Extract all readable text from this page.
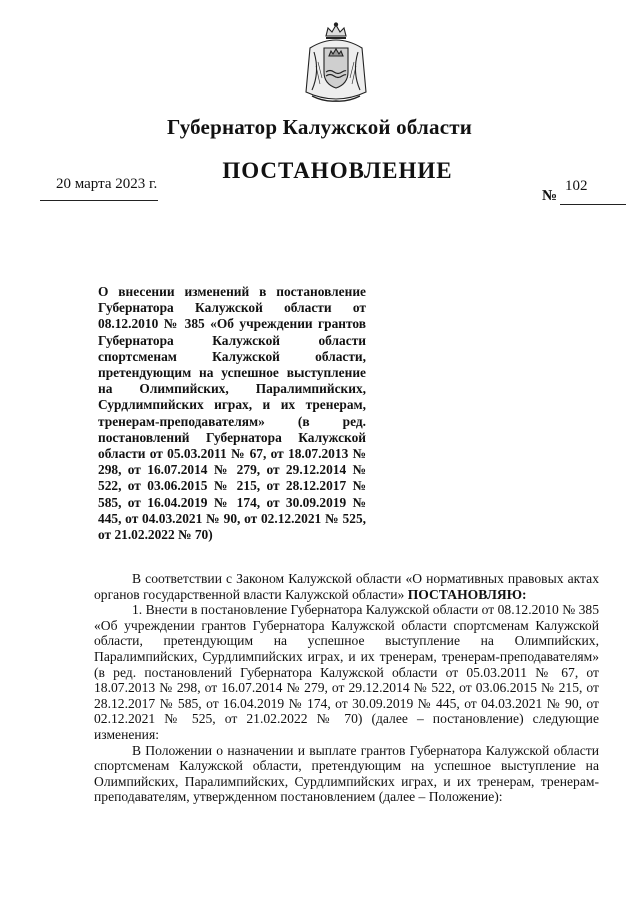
Губернатор Калужской области
ПОСТАНОВЛЕНИЕ
20 марта 2023 г.
№
102
О внесении изменений в постановление Губернатора Калужской области от 08.12.2010 № 385 «Об учреждении грантов Губернатора Калужской области спортсменам Калужской области, претендующим на успешное выступление на Олимпийских, Паралимпийских, Сурдлимпийских играх, и их тренерам, тренерам-преподавателям» (в ред. постановлений Губернатора Калужской области от 05.03.2011 № 67, от 18.07.2013 № 298, от 16.07.2014 № 279, от 29.12.2014 № 522, от 03.06.2015 № 215, от 28.12.2017 № 585, от 16.04.2019 № 174, от 30.09.2019 № 445, от 04.03.2021 № 90, от 02.12.2021 № 525, от 21.02.2022 № 70)

В соответствии с Законом Калужской области «О нормативных правовых актах органов государственной власти Калужской области» ПОСТАНОВЛЯЮ:

1. Внести в постановление Губернатора Калужской области от 08.12.2010 № 385 «Об учреждении грантов Губернатора Калужской области спортсменам Калужской области, претендующим на успешное выступление на Олимпийских, Паралимпийских, Сурдлимпийских играх, и их тренерам, тренерам-преподавателям» (в ред. постановлений Губернатора Калужской области от 05.03.2011 № 67, от 18.07.2013 № 298, от 16.07.2014 № 279, от 29.12.2014 № 522, от 03.06.2015 № 215, от 28.12.2017 № 585, от 16.04.2019 № 174, от 30.09.2019 № 445, от 04.03.2021 № 90, от 02.12.2021 № 525, от 21.02.2022 № 70) (далее – постановление) следующие изменения:

В Положении о назначении и выплате грантов Губернатора Калужской области спортсменам Калужской области, претендующим на успешное выступление на Олимпийских, Паралимпийских, Сурдлимпийских играх, и их тренерам, тренерам-преподавателям, утвержденном постановлением (далее – Положение):
